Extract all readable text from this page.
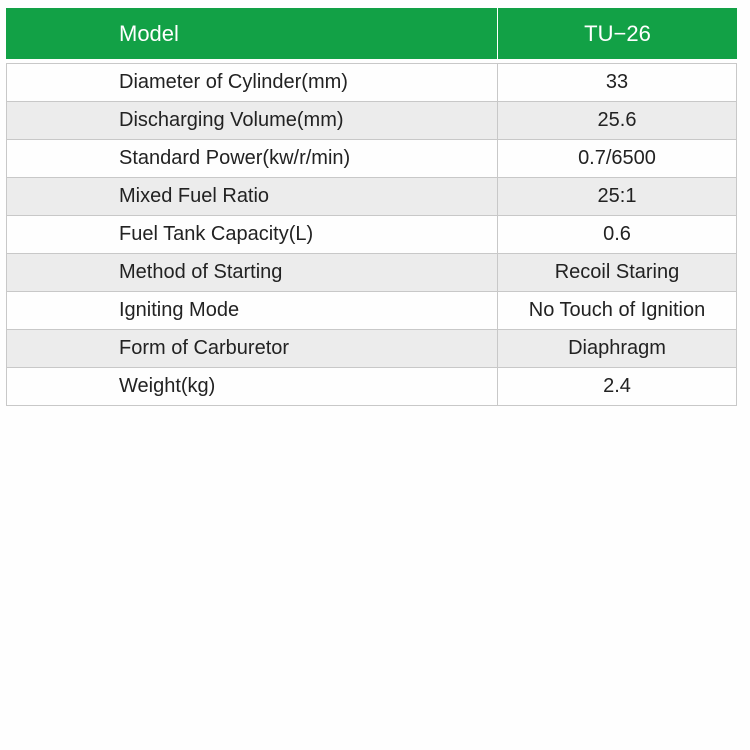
Model	TU−26
Diameter of Cylinder(mm)	33
Discharging Volume(mm)	25.6
Standard Power(kw/r/min)	0.7/6500
Mixed Fuel Ratio	25:1
Fuel Tank Capacity(L)	0.6
Method of Starting	Recoil Staring
Igniting Mode	No Touch of Ignition
Form of Carburetor	Diaphragm
Weight(kg)	2.4
